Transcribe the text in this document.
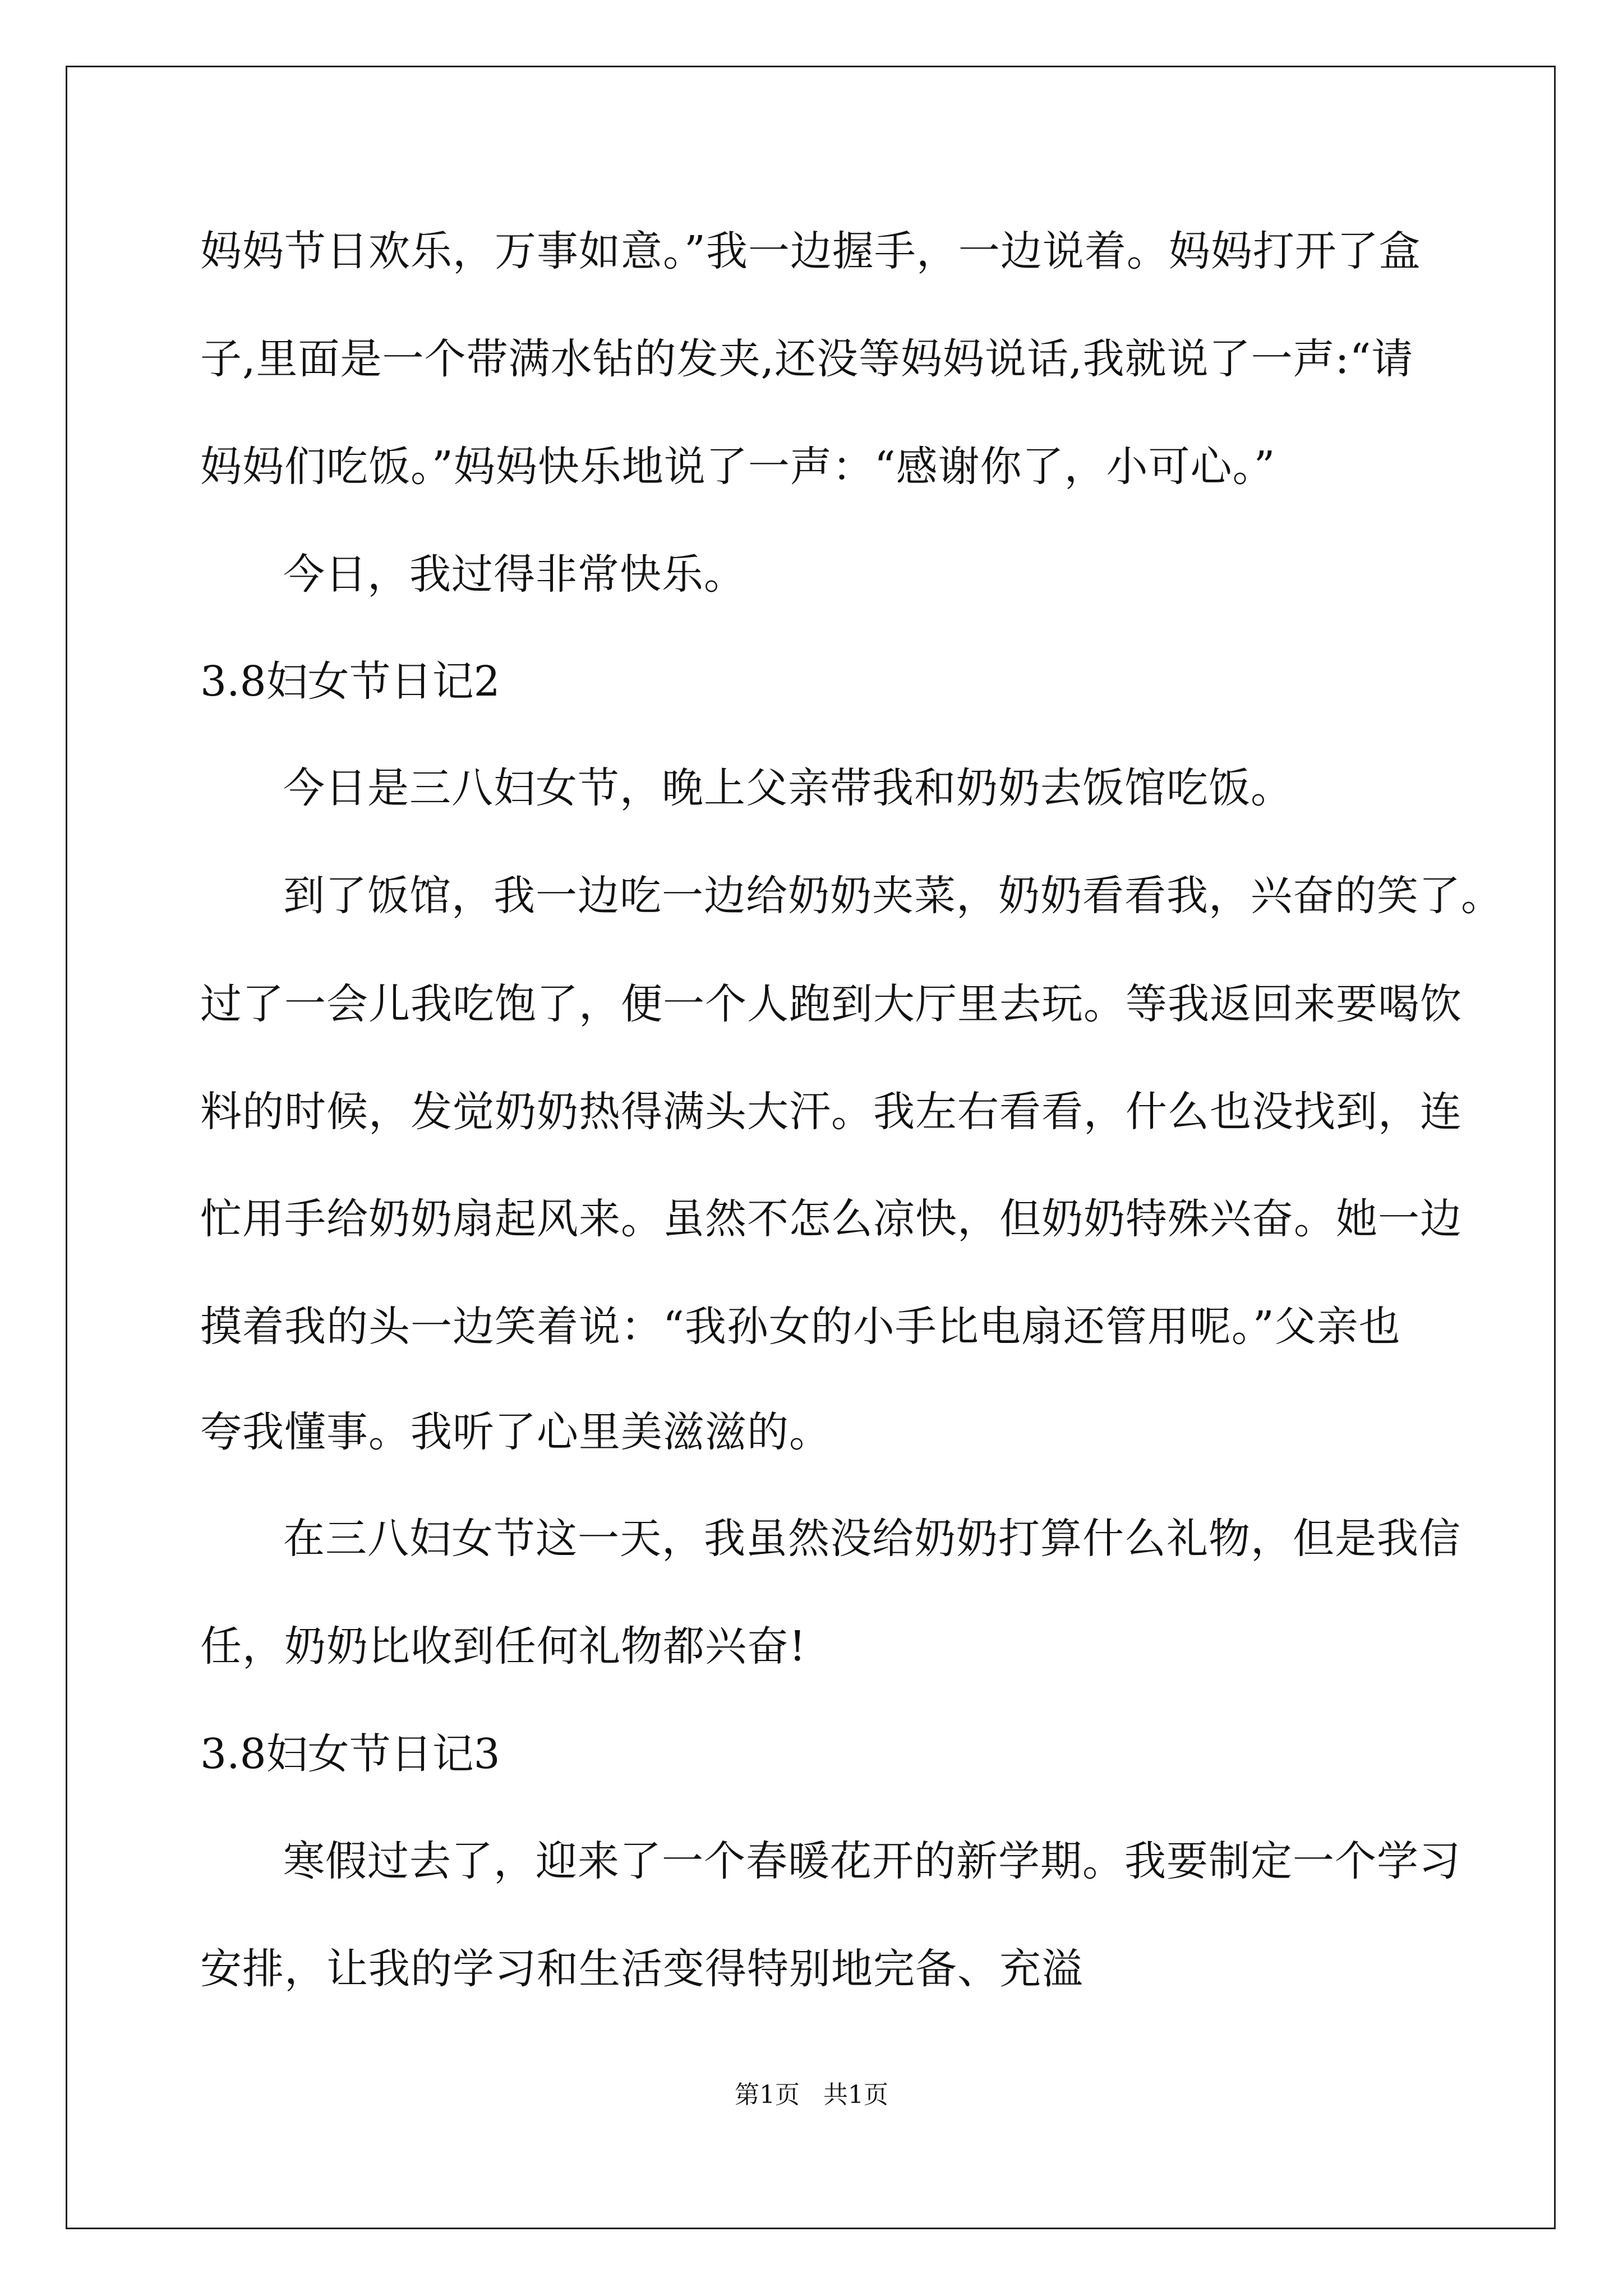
妈妈节日欢乐，万事如意。”我一边握手，一边说着。妈妈打开了盒
子,里面是一个带满水钻的发夹,还没等妈妈说话,我就说了一声:“请
妈妈们吃饭。”妈妈快乐地说了一声：“感谢你了，小可心。”
今日，我过得非常快乐。
3.8妇女节日记2
今日是三八妇女节，晚上父亲带我和奶奶去饭馆吃饭。
到了饭馆，我一边吃一边给奶奶夹菜，奶奶看看我，兴奋的笑了。
过了一会儿我吃饱了，便一个人跑到大厅里去玩。等我返回来要喝饮
料的时候，发觉奶奶热得满头大汗。我左右看看，什么也没找到，连
忙用手给奶奶扇起风来。虽然不怎么凉快，但奶奶特殊兴奋。她一边
摸着我的头一边笑着说：“我孙女的小手比电扇还管用呢。”父亲也
夸我懂事。我听了心里美滋滋的。
在三八妇女节这一天，我虽然没给奶奶打算什么礼物，但是我信
任，奶奶比收到任何礼物都兴奋!
3.8妇女节日记3
寒假过去了，迎来了一个春暖花开的新学期。我要制定一个学习
安排，让我的学习和生活变得特别地完备、充溢
第1页 共1页
